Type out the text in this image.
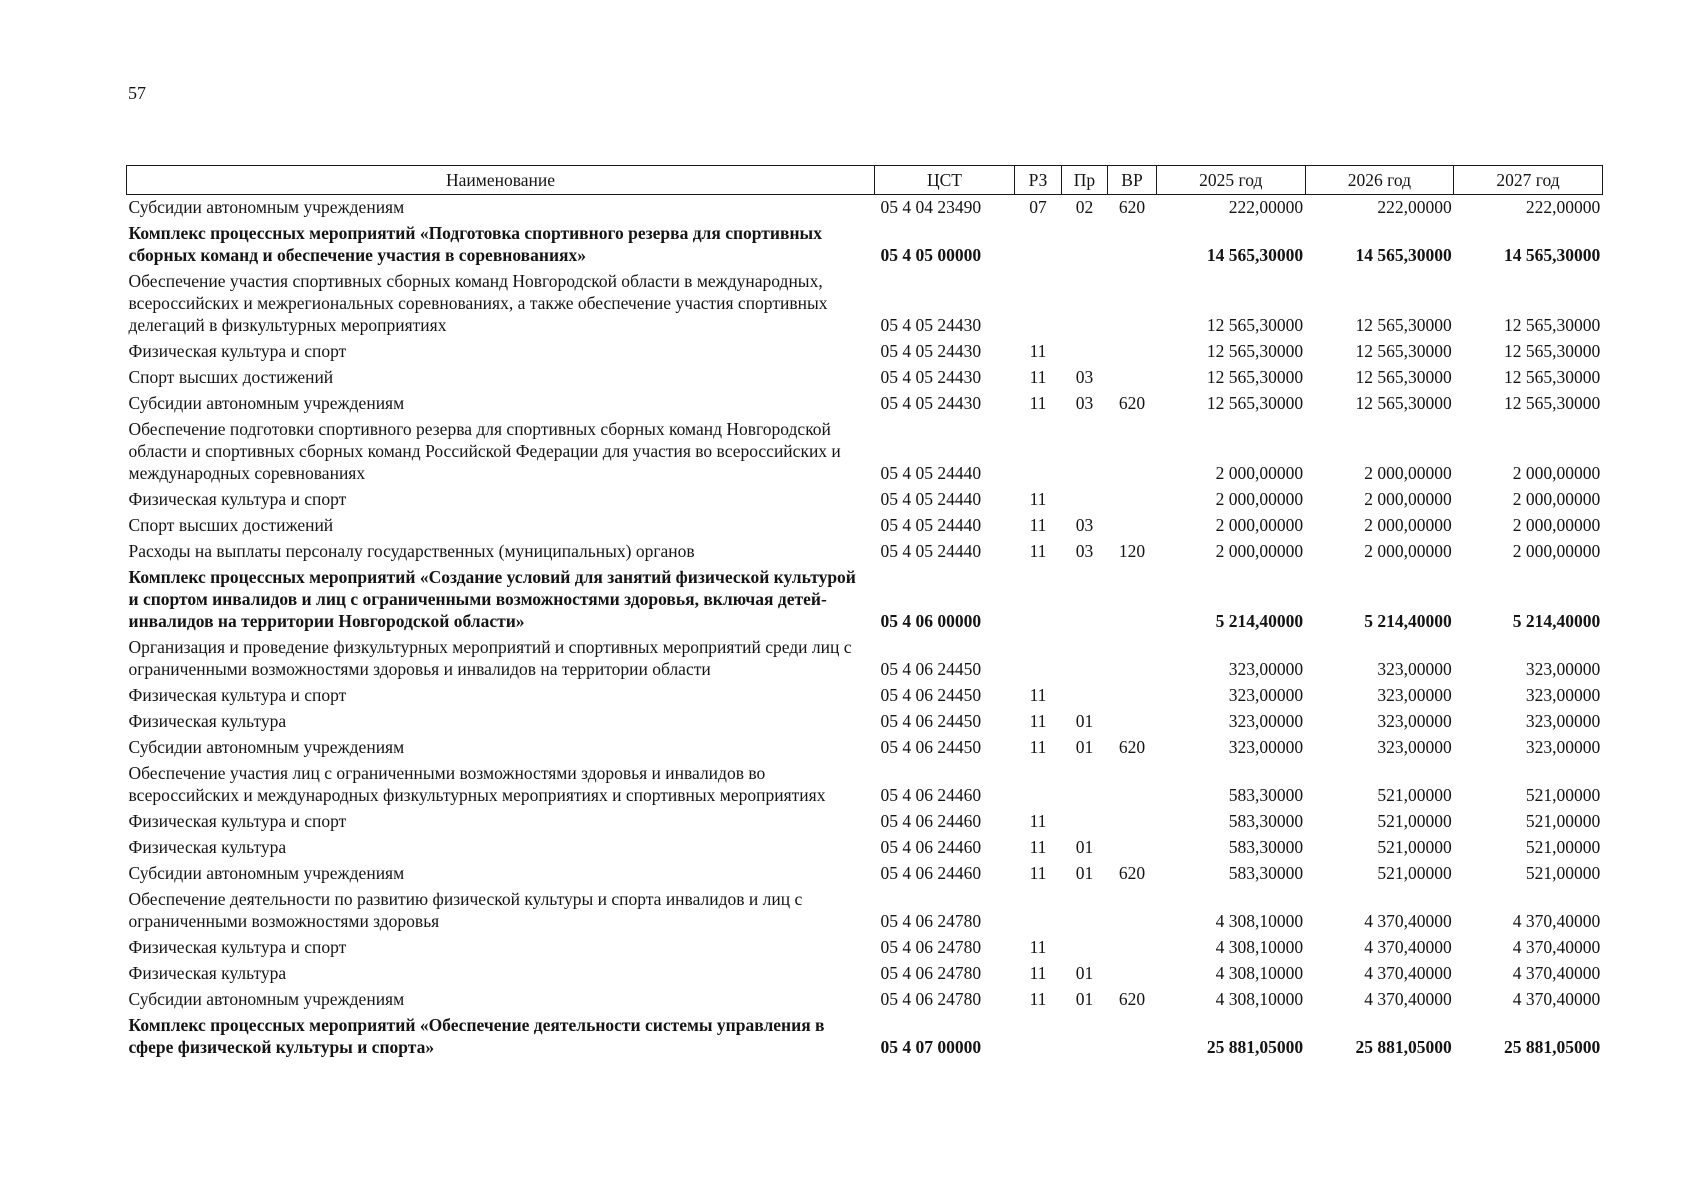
57
Наименование	ЦСТ	РЗ	Пр	ВР	2025 год	2026 год	2027 год
Субсидии автономным учреждениям	05 4 04 23490	07	02	620	222,00000	222,00000	222,00000
Комплекс процессных мероприятий «Подготовка спортивного резерва для спортивных сборных команд и обеспечение участия в соревнованиях»	05 4 05 00000				14 565,30000	14 565,30000	14 565,30000
Обеспечение участия спортивных сборных команд Новгородской области в международных, всероссийских и межрегиональных соревнованиях, а также обеспечение участия спортивных делегаций в физкультурных мероприятиях	05 4 05 24430				12 565,30000	12 565,30000	12 565,30000
Физическая культура и спорт	05 4 05 24430	11			12 565,30000	12 565,30000	12 565,30000
Спорт высших достижений	05 4 05 24430	11	03		12 565,30000	12 565,30000	12 565,30000
Субсидии автономным учреждениям	05 4 05 24430	11	03	620	12 565,30000	12 565,30000	12 565,30000
Обеспечение подготовки спортивного резерва для спортивных сборных команд Новгородской области и спортивных сборных команд Российской Федерации для участия во всероссийских и международных соревнованиях	05 4 05 24440				2 000,00000	2 000,00000	2 000,00000
Физическая культура и спорт	05 4 05 24440	11			2 000,00000	2 000,00000	2 000,00000
Спорт высших достижений	05 4 05 24440	11	03		2 000,00000	2 000,00000	2 000,00000
Расходы на выплаты персоналу государственных (муниципальных) органов	05 4 05 24440	11	03	120	2 000,00000	2 000,00000	2 000,00000
Комплекс процессных мероприятий «Создание условий для занятий физической культурой и спортом инвалидов и лиц с ограниченными возможностями здоровья, включая детей-инвалидов на территории Новгородской области»	05 4 06 00000				5 214,40000	5 214,40000	5 214,40000
Организация и проведение физкультурных мероприятий и спортивных мероприятий среди лиц с ограниченными возможностями здоровья и инвалидов на территории области	05 4 06 24450				323,00000	323,00000	323,00000
Физическая культура и спорт	05 4 06 24450	11			323,00000	323,00000	323,00000
Физическая культура	05 4 06 24450	11	01		323,00000	323,00000	323,00000
Субсидии автономным учреждениям	05 4 06 24450	11	01	620	323,00000	323,00000	323,00000
Обеспечение участия лиц с ограниченными возможностями здоровья и инвалидов во всероссийских и международных физкультурных мероприятиях и спортивных мероприятиях	05 4 06 24460				583,30000	521,00000	521,00000
Физическая культура и спорт	05 4 06 24460	11			583,30000	521,00000	521,00000
Физическая культура	05 4 06 24460	11	01		583,30000	521,00000	521,00000
Субсидии автономным учреждениям	05 4 06 24460	11	01	620	583,30000	521,00000	521,00000
Обеспечение деятельности по развитию физической культуры и спорта инвалидов и лиц с ограниченными возможностями здоровья	05 4 06 24780				4 308,10000	4 370,40000	4 370,40000
Физическая культура и спорт	05 4 06 24780	11			4 308,10000	4 370,40000	4 370,40000
Физическая культура	05 4 06 24780	11	01		4 308,10000	4 370,40000	4 370,40000
Субсидии автономным учреждениям	05 4 06 24780	11	01	620	4 308,10000	4 370,40000	4 370,40000
Комплекс процессных мероприятий «Обеспечение деятельности системы управления в сфере физической культуры и спорта»	05 4 07 00000				25 881,05000	25 881,05000	25 881,05000
